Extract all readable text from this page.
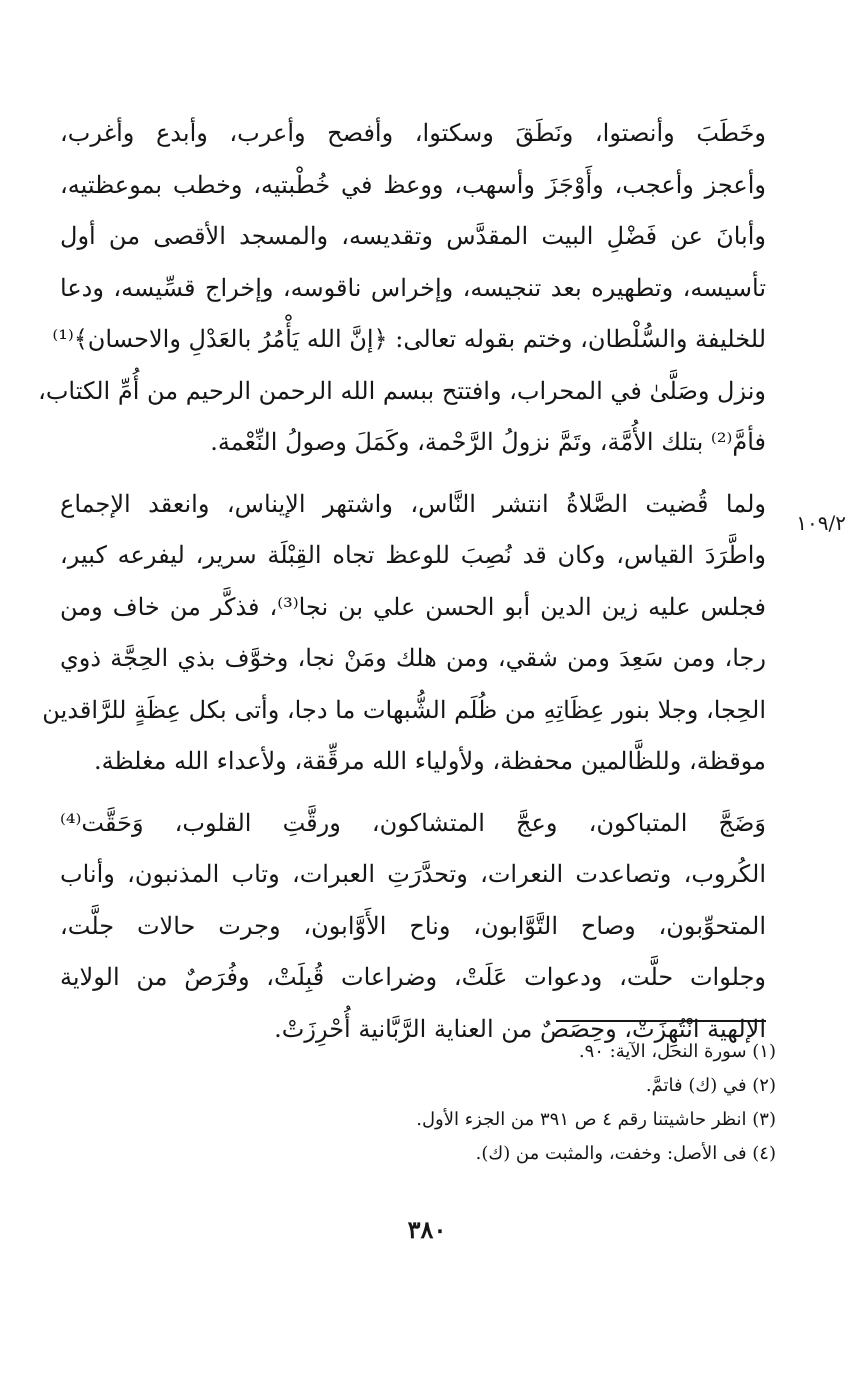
وخَطَبَ وأنصتوا، ونَطَقَ وسكتوا، وأفصح وأعرب، وأبدع وأغرب،
وأعجز وأعجب، وأَوْجَزَ وأسهب، ووعظ في خُطْبتيه، وخطب بموعظتيه،
وأبانَ عن فَضْلِ البيت المقدَّس وتقديسه، والمسجد الأقصى من أول
تأسيسه، وتطهيره بعد تنجيسه، وإخراس ناقوسه، وإخراج قسِّيسه، ودعا
للخليفة والسُّلْطان، وختم بقوله تعالى: ﴿إنَّ الله يَأْمُرُ بالعَدْلِ والاحسان﴾⁽¹⁾
ونزل وصَلَّىٰ في المحراب، وافتتح ببسم الله الرحمن الرحيم من أُمِّ الكتاب،
فأمَّ⁽²⁾ بتلك الأُمَّة، وتَمَّ نزولُ الرَّحْمة، وكَمَلَ وصولُ النِّعْمة.
ولما قُضيت الصَّلاةُ انتشر النَّاس، واشتهر الإيناس، وانعقد الإجماع
واطَّرَدَ القياس، وكان قد نُصِبَ للوعظ تجاه القِبْلَة سرير، ليفرعه كبير،
فجلس عليه زين الدين أبو الحسن علي بن نجا⁽³⁾، فذكَّر من خاف ومن
رجا، ومن سَعِدَ ومن شقي، ومن هلك ومَنْ نجا، وخوَّف بذي الحِجَّة ذوي
الحِجا، وجلا بنور عِظَاتِهِ من ظُلَم الشُّبهات ما دجا، وأتى بكل عِظَةٍ للرَّاقدين
موقظة، وللظَّالمين محفظة، ولأولياء الله مرقِّقة، ولأعداء الله مغلظة.
وَضَجَّ المتباكون، وعجَّ المتشاكون، ورقَّتِ القلوب، وَحَقَّت⁽⁴⁾
الكُروب، وتصاعدت النعرات، وتحدَّرَتِ العبرات، وتاب المذنبون، وأناب
المتحوِّبون، وصاح التَّوَّابون، وناح الأَوَّابون، وجرت حالات جلَّت،
وجلوات حلَّت، ودعوات عَلَتْ، وضراعات قُبِلَتْ، وفُرَصٌ من الولاية
الإلهية انْتُهِزَتْ، وحِصَصٌ من العناية الرَّبَّانية أُحْرِزَتْ.
١٠٩/٢
(١) سورة النحل، الآية: ٩٠.
(٢) في (ك) فاتمَّ.
(٣) انظر حاشيتنا رقم ٤ ص ٣٩١ من الجزء الأول.
(٤) فى الأصل: وخفت، والمثبت من (ك).
٣٨٠
